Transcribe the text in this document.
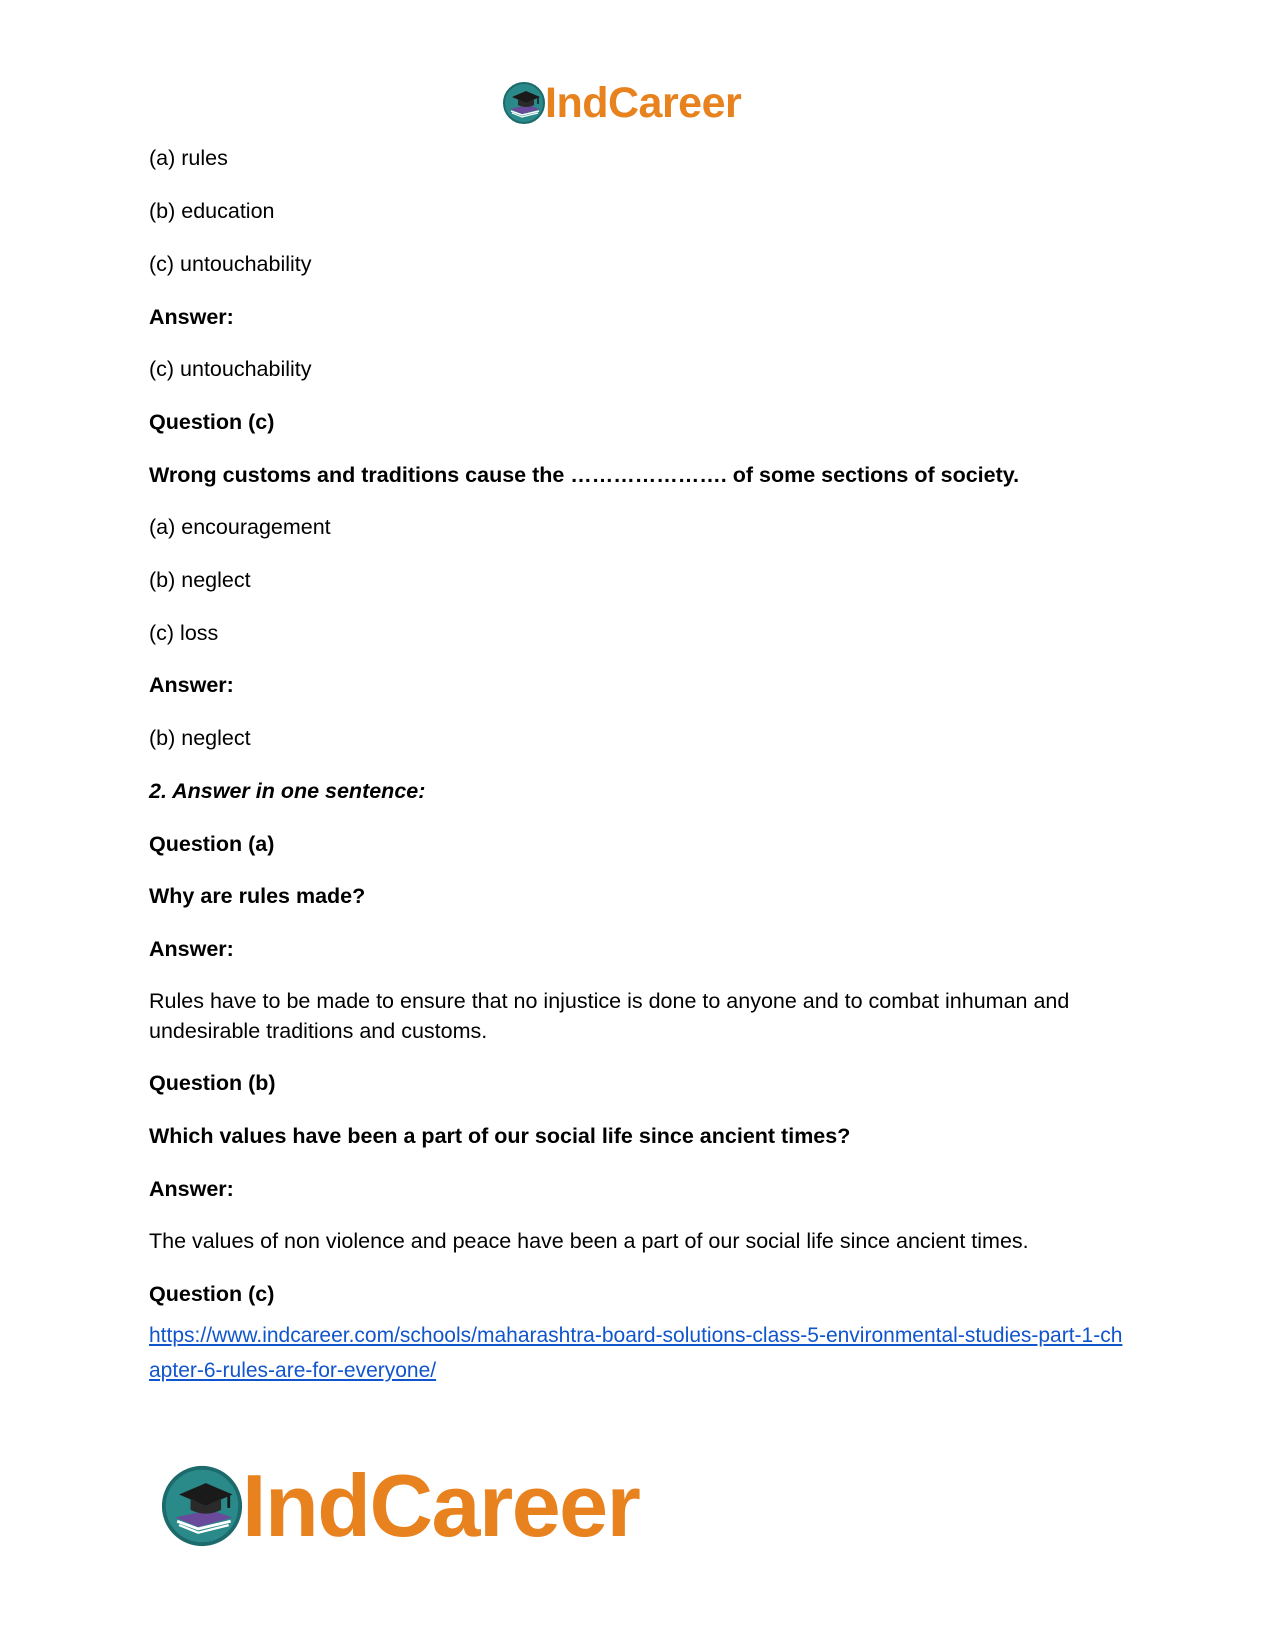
IndCareer
(a) rules
(b) education
(c) untouchability
Answer:
(c) untouchability
Question (c)
Wrong customs and traditions cause the …………………. of some sections of society.
(a) encouragement
(b) neglect
(c) loss
Answer:
(b) neglect
2. Answer in one sentence:
Question (a)
Why are rules made?
Answer:
Rules have to be made to ensure that no injustice is done to anyone and to combat inhuman and undesirable traditions and customs.
Question (b)
Which values have been a part of our social life since ancient times?
Answer:
The values of non violence and peace have been a part of our social life since ancient times.
Question (c)
https://www.indcareer.com/schools/maharashtra-board-solutions-class-5-environmental-studies-part-1-chapter-6-rules-are-for-everyone/
IndCareer
